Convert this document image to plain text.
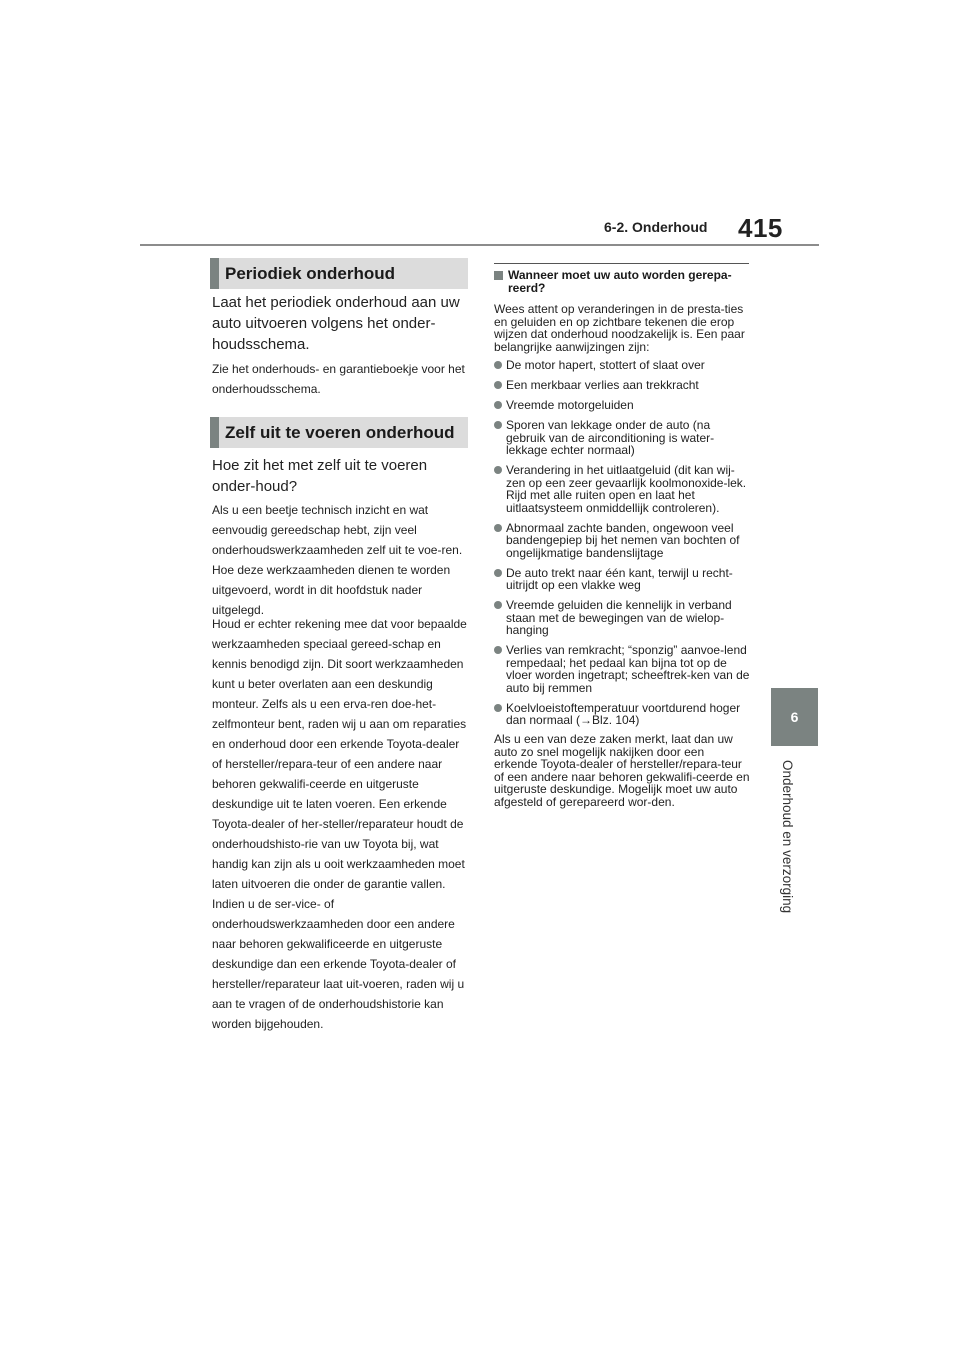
6-2. Onderhoud 415
6
Onderhoud en verzorging
Periodiek onderhoud
Laat het periodiek onderhoud aan uw auto uitvoeren volgens het onder-houdsschema.
Zie het onderhouds- en garantieboekje voor het onderhoudsschema.
Zelf uit te voeren onderhoud
Hoe zit het met zelf uit te voeren onder-houd?
Als u een beetje technisch inzicht en wat eenvoudig gereedschap hebt, zijn veel onderhoudswerkzaamheden zelf uit te voe-ren. Hoe deze werkzaamheden dienen te worden uitgevoerd, wordt in dit hoofdstuk nader uitgelegd.
Houd er echter rekening mee dat voor bepaalde werkzaamheden speciaal gereed-schap en kennis benodigd zijn. Dit soort werkzaamheden kunt u beter overlaten aan een deskundig monteur. Zelfs als u een erva-ren doe-het-zelfmonteur bent, raden wij u aan om reparaties en onderhoud door een erkende Toyota-dealer of hersteller/repara-teur of een andere naar behoren gekwalifi-ceerde en uitgeruste deskundige uit te laten voeren. Een erkende Toyota-dealer of her-steller/reparateur houdt de onderhoudshisto-rie van uw Toyota bij, wat handig kan zijn als u ooit werkzaamheden moet laten uitvoeren die onder de garantie vallen. Indien u de ser-vice- of onderhoudswerkzaamheden door een andere naar behoren gekwalificeerde en uitgeruste deskundige dan een erkende Toyota-dealer of hersteller/reparateur laat uit-voeren, raden wij u aan te vragen of de onderhoudshistorie kan worden bijgehouden.
Wanneer moet uw auto worden gerepa-reerd?
Wees attent op veranderingen in de presta-ties en geluiden en op zichtbare tekenen die erop wijzen dat onderhoud noodzakelijk is. Een paar belangrijke aanwijzingen zijn:
De motor hapert, stottert of slaat over
Een merkbaar verlies aan trekkracht
Vreemde motorgeluiden
Sporen van lekkage onder de auto (na gebruik van de airconditioning is water-lekkage echter normaal)
Verandering in het uitlaatgeluid (dit kan wij-zen op een zeer gevaarlijk koolmonoxide-lek. Rijd met alle ruiten open en laat het uitlaatsysteem onmiddellijk controleren).
Abnormaal zachte banden, ongewoon veel bandengepiep bij het nemen van bochten of ongelijkmatige bandenslijtage
De auto trekt naar één kant, terwijl u recht-uitrijdt op een vlakke weg
Vreemde geluiden die kennelijk in verband staan met de bewegingen van de wielop-hanging
Verlies van remkracht; “sponzig” aanvoe-lend rempedaal; het pedaal kan bijna tot op de vloer worden ingetrapt; scheeftrek-ken van de auto bij remmen
Koelvloeistoftemperatuur voortdurend hoger dan normaal (→Blz. 104)
Als u een van deze zaken merkt, laat dan uw auto zo snel mogelijk nakijken door een erkende Toyota-dealer of hersteller/repara-teur of een andere naar behoren gekwalifi-ceerde en uitgeruste deskundige. Mogelijk moet uw auto afgesteld of gerepareerd wor-den.
